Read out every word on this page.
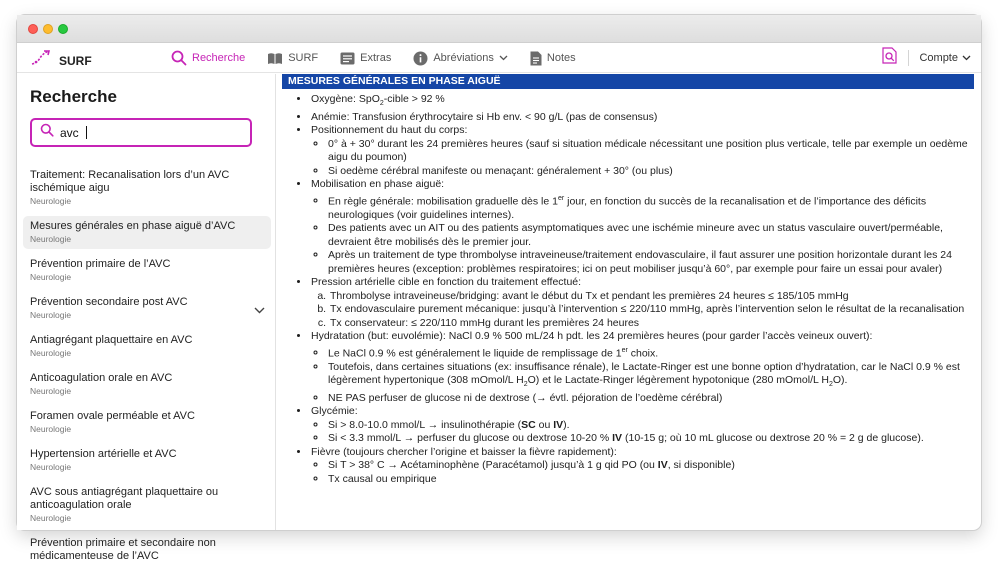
SURF	Recherche	SURF	Extras	Abréviations	Notes	Compte
Recherche
avc
Traitement: Recanalisation lors d’un AVC ischémique aigu
Neurologie
Mesures générales en phase aiguë d’AVC
Neurologie
Prévention primaire de l’AVC
Neurologie
Prévention secondaire post AVC
Neurologie
Antiagrégant plaquettaire en AVC
Neurologie
Anticoagulation orale en AVC
Neurologie
Foramen ovale perméable et AVC
Neurologie
Hypertension artérielle et AVC
Neurologie
AVC sous antiagrégant plaquettaire ou anticoagulation orale
Neurologie
Prévention primaire et secondaire non médicamenteuse de l’AVC
MESURES GÉNÉRALES EN PHASE AIGUË
• Oxygène: SpO$_2$-cible > 92 %
• Anémie: Transfusion érythrocytaire si Hb env. < 90 g/L (pas de consensus)
• Positionnement du haut du corps:
◦ 0° à + 30° durant les 24 premières heures (sauf si situation médicale nécessitant une position plus verticale, telle par exemple un oedème aigu du poumon)
◦ Si oedème cérébral manifeste ou menaçant: généralement + 30° (ou plus)
• Mobilisation en phase aiguë:
◦ En règle générale: mobilisation graduelle dès le 1er jour, en fonction du succès de la recanalisation et de l’importance des déficits neurologiques (voir guidelines internes).
◦ Des patients avec un AIT ou des patients asymptomatiques avec une ischémie mineure avec un status vasculaire ouvert/perméable, devraient être mobilisés dès le premier jour.
◦ Après un traitement de type thrombolyse intraveineuse/traitement endovasculaire, il faut assurer une position horizontale durant les 24 premières heures (exception: problèmes respiratoires; ici on peut mobiliser jusqu’à 60°, par exemple pour faire un essai pour avaler)
• Pression artérielle cible en fonction du traitement effectué:
a. Thrombolyse intraveineuse/bridging: avant le début du Tx et pendant les premières 24 heures ≤ 185/105 mmHg
b. Tx endovasculaire purement mécanique: jusqu’à l’intervention ≤ 220/110 mmHg, après l’intervention selon le résultat de la recanalisation
c. Tx conservateur: ≤ 220/110 mmHg durant les premières 24 heures
• Hydratation (but: euvolémie): NaCl 0.9 % 500 mL/24 h pdt. les 24 premières heures (pour garder l’accès veineux ouvert):
◦ Le NaCl 0.9 % est généralement le liquide de remplissage de 1er choix.
◦ Toutefois, dans certaines situations (ex: insuffisance rénale), le Lactate-Ringer est une bonne option d’hydratation, car le NaCl 0.9 % est légèrement hypertonique (308 mOmol/L $H_2O$) et le Lactate-Ringer légèrement hypotonique (280 mOmol/L $H_2O$).
◦ NE PAS perfuser de glucose ni de dextrose (→ évtl. péjoration de l’oedème cérébral)
• Glycémie:
◦ Si > 8.0-10.0 mmol/L → insulinothérapie (SC ou IV).
◦ Si < 3.3 mmol/L → perfuser du glucose ou dextrose 10-20 % IV (10-15 g; où 10 mL glucose ou dextrose 20 % = 2 g de glucose).
• Fièvre (toujours chercher l’origine et baisser la fièvre rapidement):
◦ Si T > 38° C → Acétaminophène (Paracétamol) jusqu’à 1 g qid PO (ou IV, si disponible)
◦ Tx causal ou empirique
